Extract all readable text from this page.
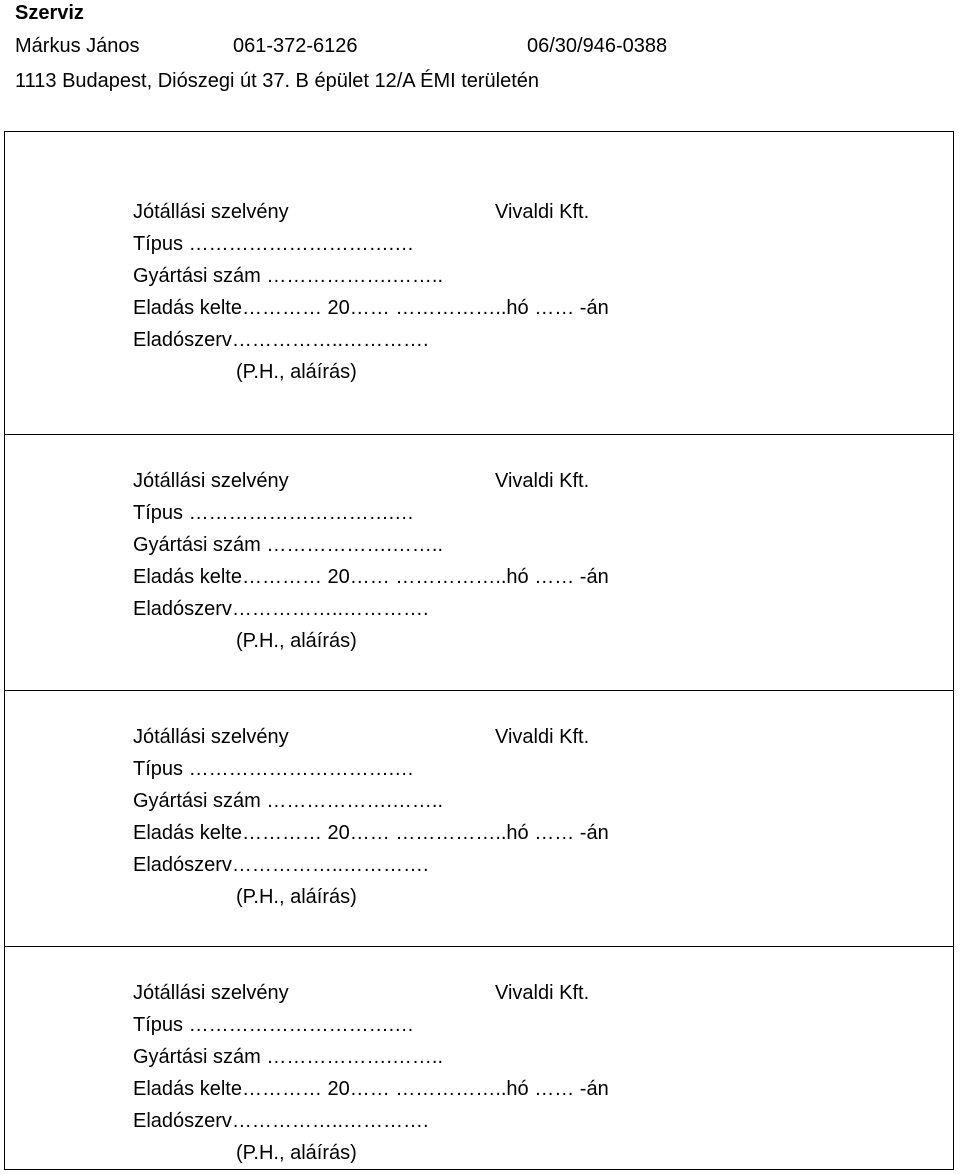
Szerviz
Márkus János	061-372-6126	06/30/946-0388
1113 Budapest, Diószegi út 37. B épület 12/A ÉMI területén
Jótállási szelvény	Vivaldi Kft.
Típus ………………………….…
Gyártási szám ……………….……..
Eladás kelte………… 20…… ……………..hó …… -án
Eladószerv……………..………….
(P.H., aláírás)
Jótállási szelvény	Vivaldi Kft.
Típus ………………………….…
Gyártási szám ……………….……..
Eladás kelte………… 20…… ……………..hó …… -án
Eladószerv……………..………….
(P.H., aláírás)
Jótállási szelvény	Vivaldi Kft.
Típus ………………………….…
Gyártási szám ……………….……..
Eladás kelte………… 20…… ……………..hó …… -án
Eladószerv……………..………….
(P.H., aláírás)
Jótállási szelvény	Vivaldi Kft.
Típus ………………………….…
Gyártási szám ……………….……..
Eladás kelte………… 20…… ……………..hó …… -án
Eladószerv……………..………….
(P.H., aláírás)
